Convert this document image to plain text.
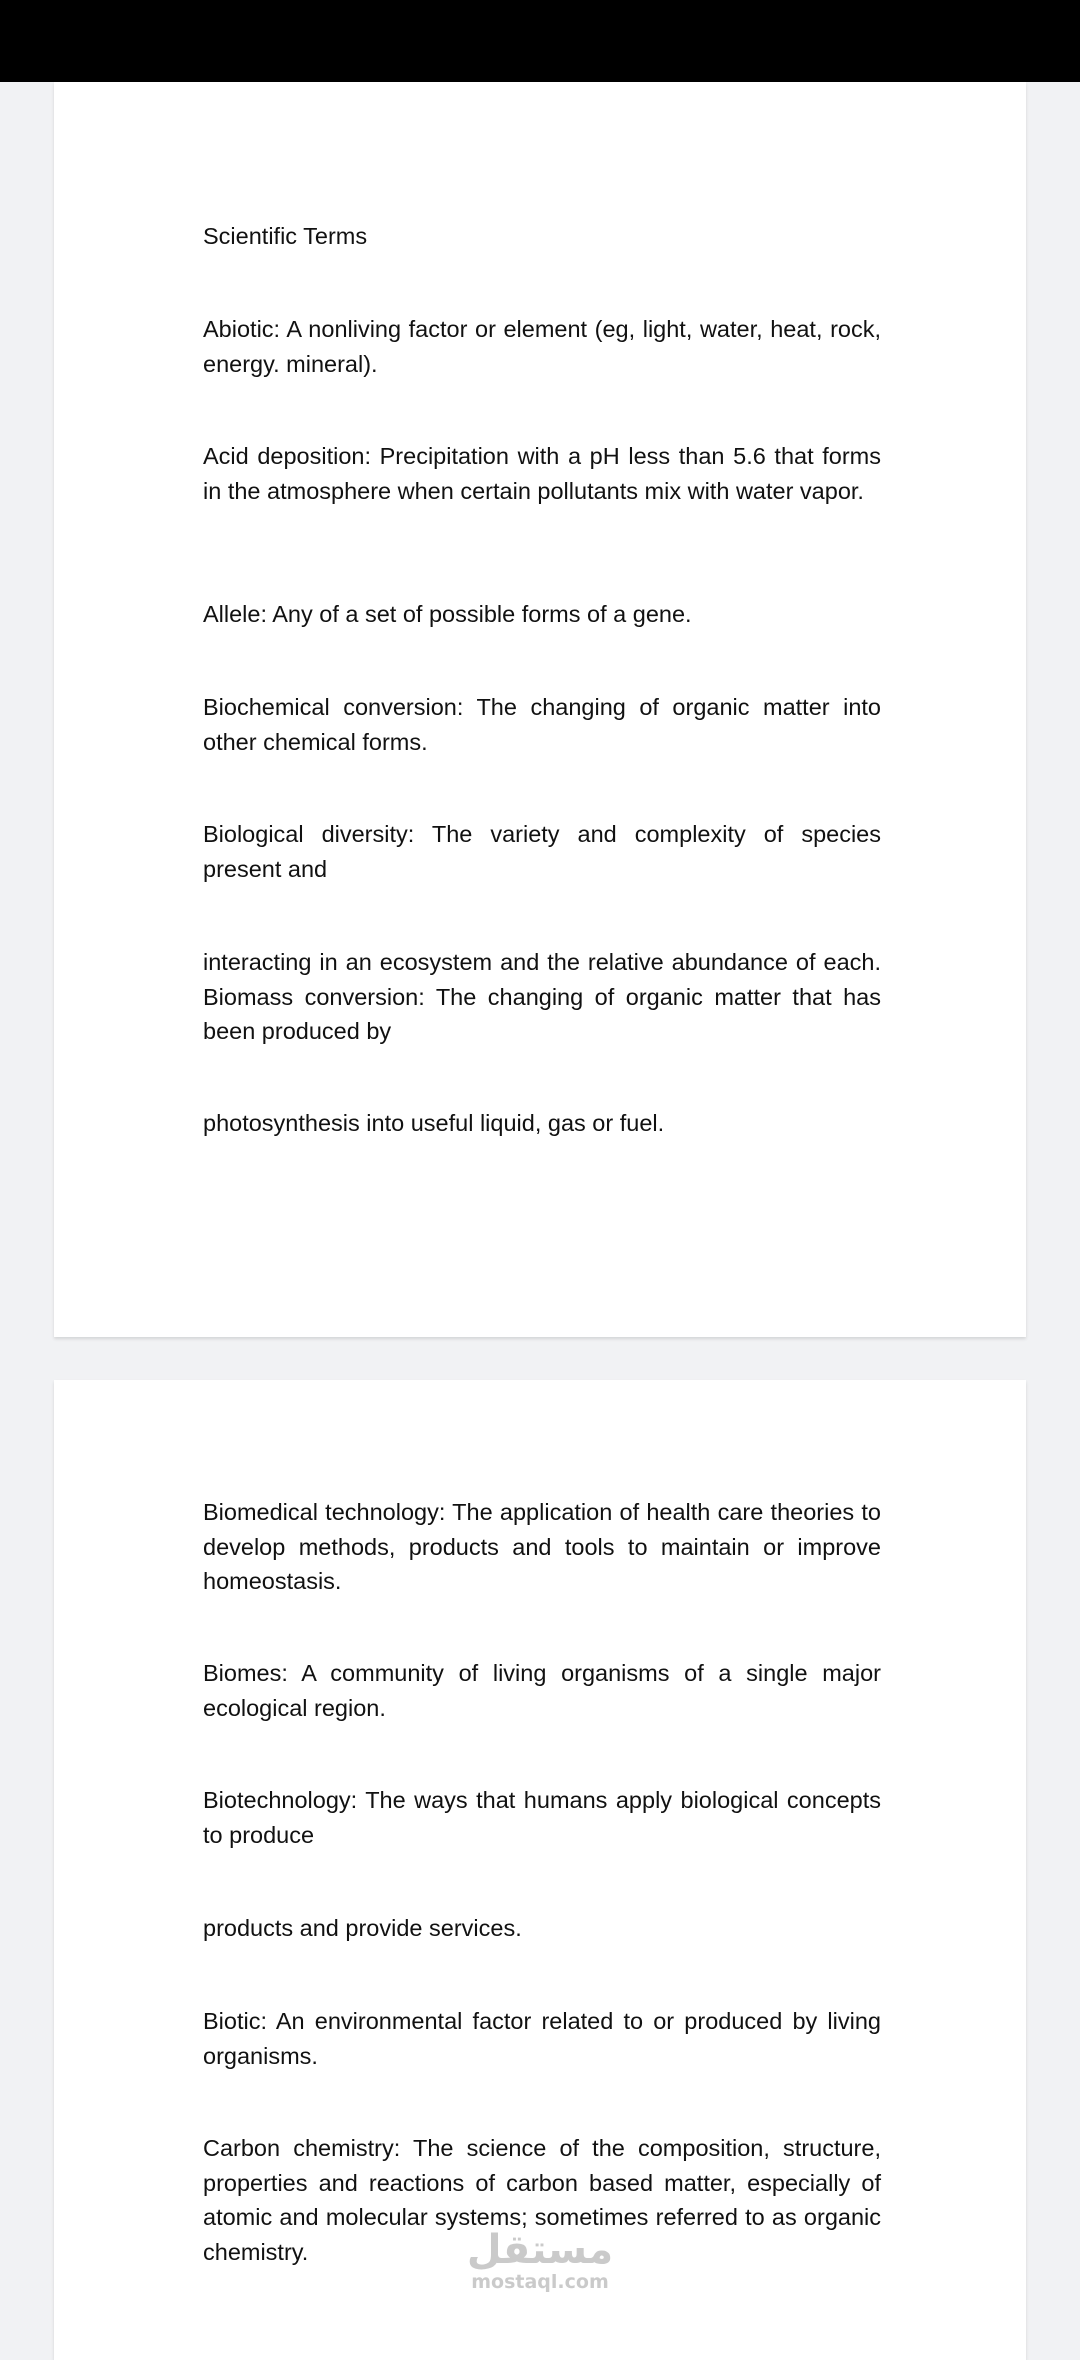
Scientific Terms

Abiotic: A nonliving factor or element (eg, light, water, heat, rock, energy. mineral).

Acid deposition: Precipitation with a pH less than 5.6 that forms in the atmosphere when certain pollutants mix with water vapor.

Allele: Any of a set of possible forms of a gene.

Biochemical conversion: The changing of organic matter into other chemical forms.

Biological diversity: The variety and complexity of species present and

interacting in an ecosystem and the relative abundance of each. Biomass conversion: The changing of organic matter that has been produced by

photosynthesis into useful liquid, gas or fuel.

Biomedical technology: The application of health care theories to develop methods, products and tools to maintain or improve homeostasis.

Biomes: A community of living organisms of a single major ecological region.

Biotechnology: The ways that humans apply biological concepts to produce

products and provide services.

Biotic: An environmental factor related to or produced by living organisms.

Carbon chemistry: The science of the composition, structure, properties and reactions of carbon based matter, especially of atomic and molecular systems; sometimes referred to as organic chemistry.	مستقل
mostaql.com
